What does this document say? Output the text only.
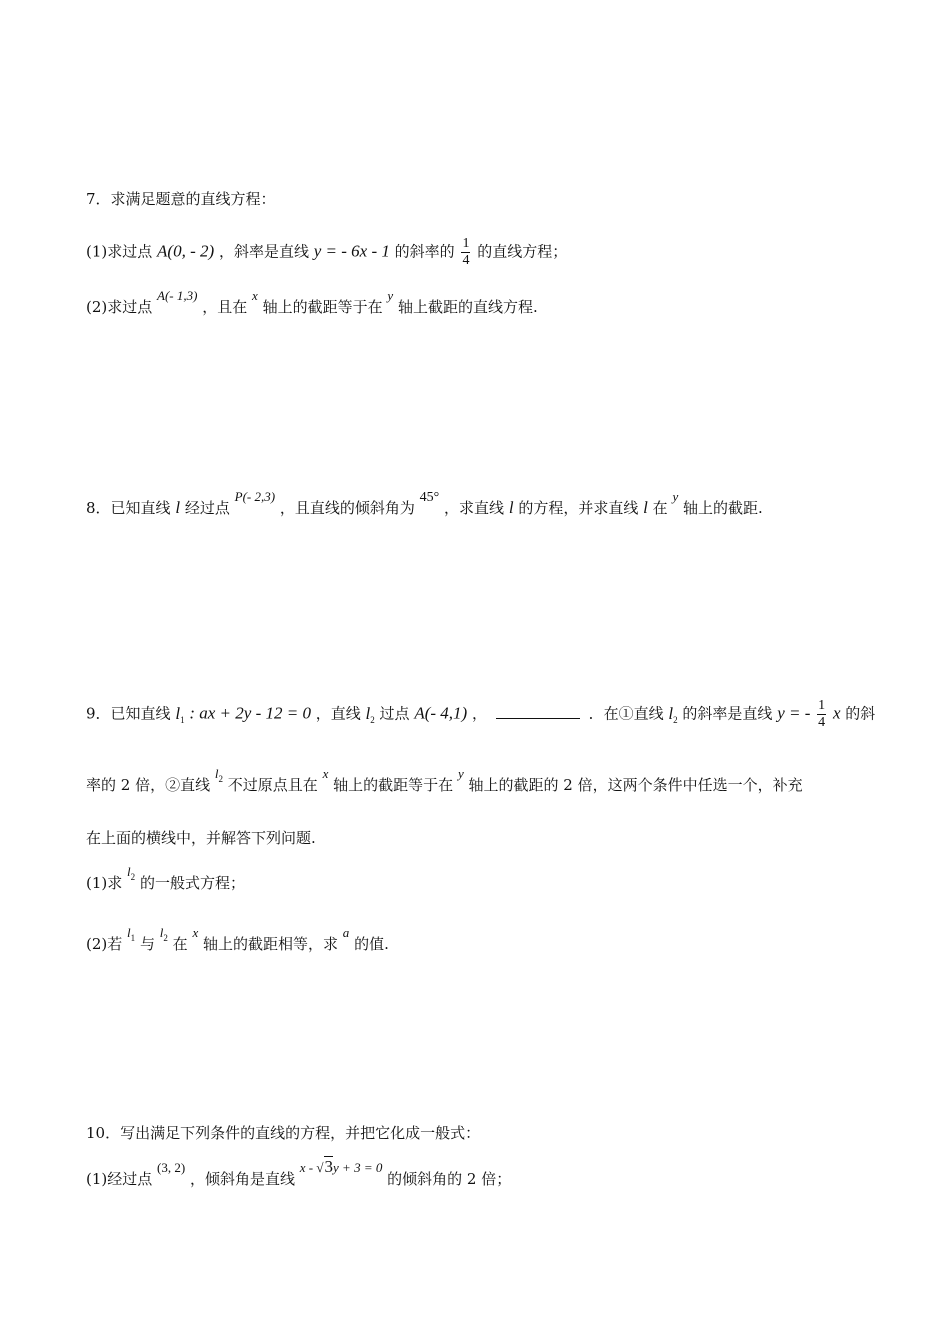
7．求满足题意的直线方程：
(1)求过点 A(0, - 2) ，斜率是直线 y = - 6x - 1 的斜率的 $\frac{1}{4}$ 的直线方程；
(2)求过点 A(- 1,3) ，且在 x 轴上的截距等于在 y 轴上截距的直线方程.
8．已知直线 l 经过点 P(- 2,3) ，且直线的倾斜角为 45° ，求直线 l 的方程，并求直线 l 在 y 轴上的截距.
9．已知直线 $l_1$ : ax + 2y - 12 = 0 ，直线 $l_2$ 过点 A(- 4,1) ，	．在①直线 $l_2$ 的斜率是直线 y = - $\frac{1}{4}$ x 的斜
率的 2 倍，②直线 $l_2$ 不过原点且在 x 轴上的截距等于在 y 轴上的截距的 2 倍，这两个条件中任选一个，补充
在上面的横线中，并解答下列问题.
(1)求 $l_2$ 的一般式方程；
(2)若 $l_1$ 与 $l_2$ 在 x 轴上的截距相等，求 a 的值.
10．写出满足下列条件的直线的方程，并把它化成一般式：
(1)经过点 (3, 2) ，倾斜角是直线 x - √3y + 3 = 0 的倾斜角的 2 倍；
